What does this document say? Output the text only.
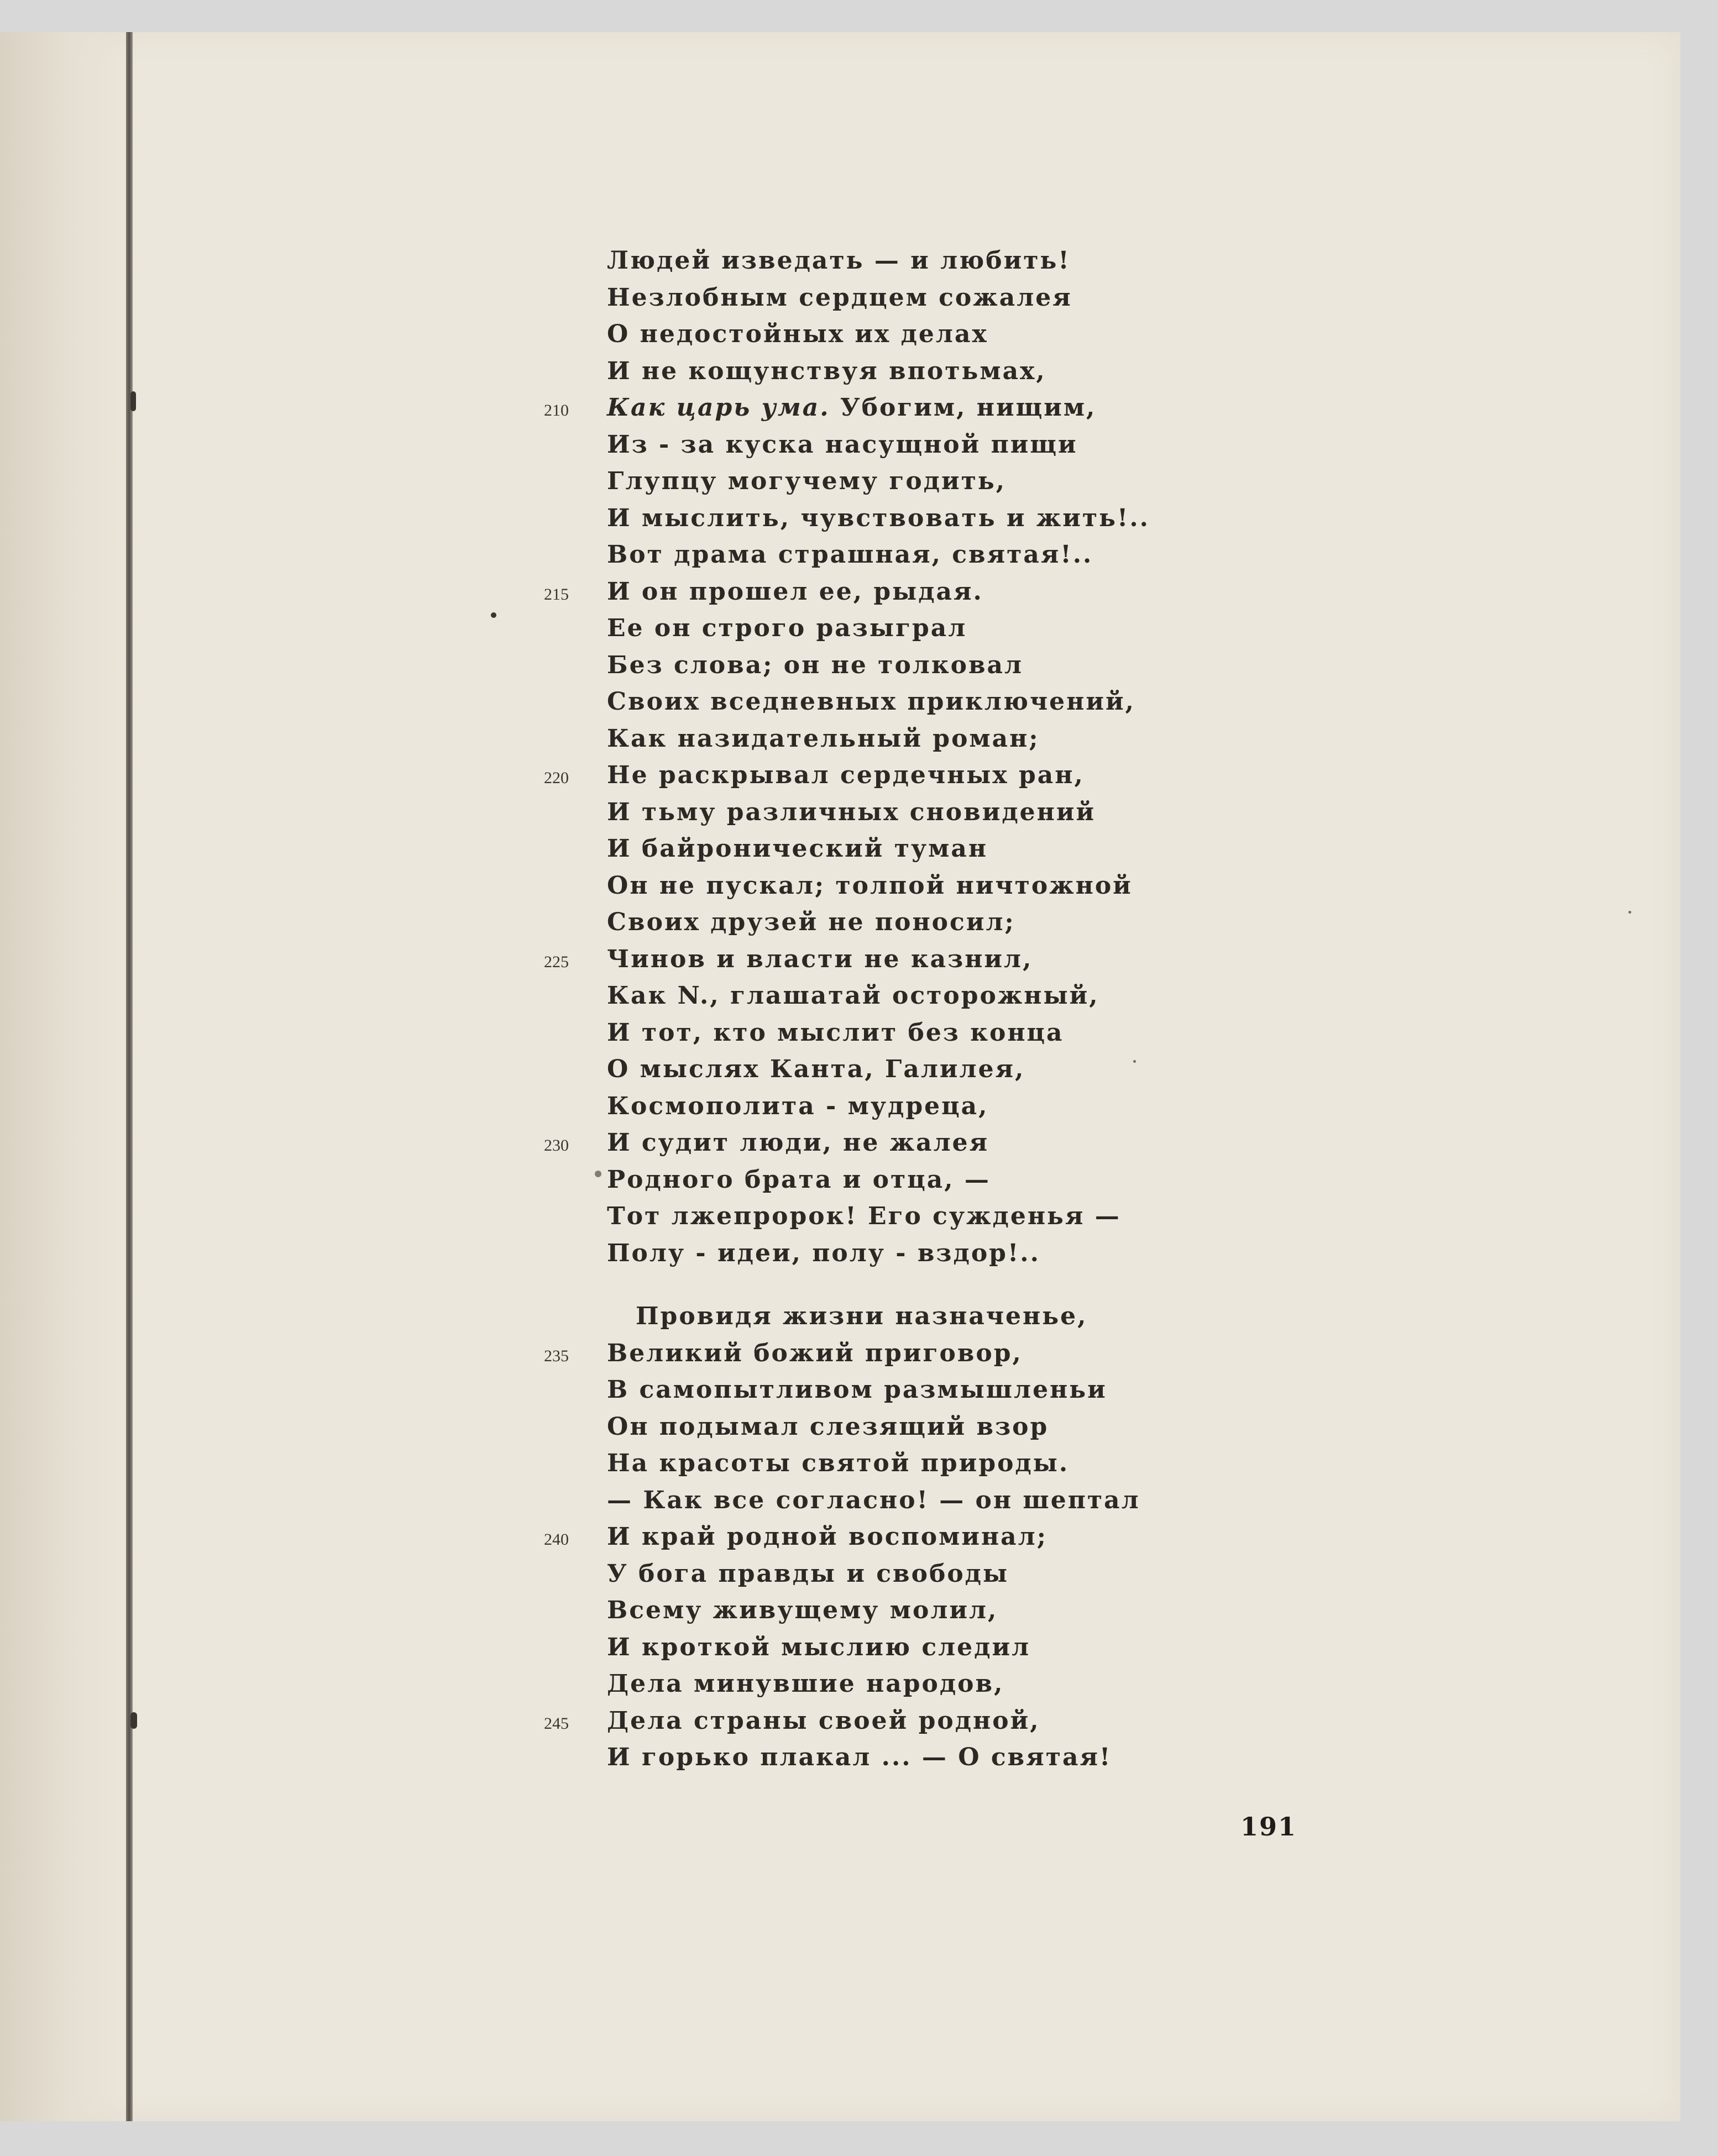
Людей изведать — и любить!
Незлобным сердцем сожалея
О недостойных их делах
И не кощунствуя впотьмах,
210 Как царь ума. Убогим, нищим,
Из - за куска насущной пищи
Глупцу могучему годить,
И мыслить, чувствовать и жить!..
Вот драма страшная, святая!..
215 И он прошел ее, рыдая.
Ее он строго разыграл
Без слова; он не толковал
Своих вседневных приключений,
Как назидательный роман;
220 Не раскрывал сердечных ран,
И тьму различных сновидений
И байронический туман
Он не пускал; толпой ничтожной
Своих друзей не поносил;
225 Чинов и власти не казнил,
Как N., глашатай осторожный,
И тот, кто мыслит без конца
О мыслях Канта, Галилея,
Космополита - мудреца,
230 И судит люди, не жалея
Родного брата и отца, —
Тот лжепророк! Его сужденья —
Полу - идеи, полу - вздор!..
Провидя жизни назначенье,
235 Великий божий приговор,
В самопытливом размышленьи
Он подымал слезящий взор
На красоты святой природы.
— Как все согласно! — он шептал
240 И край родной воспоминал;
У бога правды и свободы
Всему живущему молил,
И кроткой мыслию следил
Дела минувшие народов,
245 Дела страны своей родной,
И горько плакал ... — О святая!
191
